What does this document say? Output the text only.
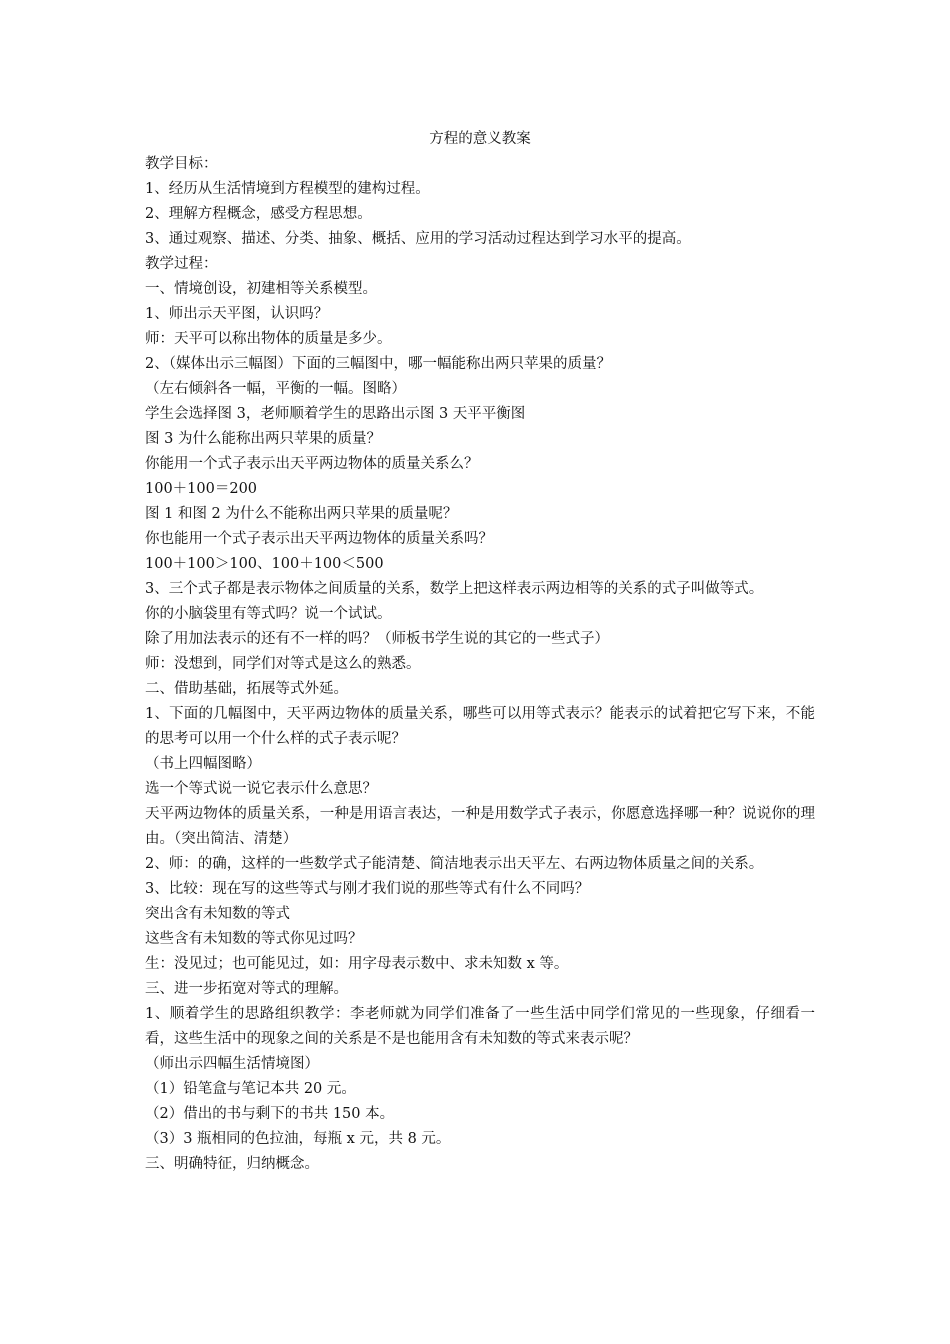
方程的意义教案

教学目标：

1、经历从生活情境到方程模型的建构过程。

2、理解方程概念，感受方程思想。

3、通过观察、描述、分类、抽象、概括、应用的学习活动过程达到学习水平的提高。

教学过程：

一、情境创设，初建相等关系模型。

1、师出示天平图，认识吗？

师：天平可以称出物体的质量是多少。

2、（媒体出示三幅图）下面的三幅图中，哪一幅能称出两只苹果的质量？

（左右倾斜各一幅，平衡的一幅。图略）

学生会选择图 3，老师顺着学生的思路出示图 3 天平平衡图

图 3 为什么能称出两只苹果的质量？

你能用一个式子表示出天平两边物体的质量关系么？

100＋100＝200

图 1 和图 2 为什么不能称出两只苹果的质量呢？

你也能用一个式子表示出天平两边物体的质量关系吗？

100＋100＞100、100＋100＜500

3、三个式子都是表示物体之间质量的关系，数学上把这样表示两边相等的关系的式子叫做等式。

你的小脑袋里有等式吗？说一个试试。

除了用加法表示的还有不一样的吗？（师板书学生说的其它的一些式子）

师：没想到，同学们对等式是这么的熟悉。

二、借助基础，拓展等式外延。

1、下面的几幅图中，天平两边物体的质量关系，哪些可以用等式表示？能表示的试着把它写下来，不能的思考可以用一个什么样的式子表示呢？

（书上四幅图略）

选一个等式说一说它表示什么意思？

天平两边物体的质量关系，一种是用语言表达，一种是用数学式子表示，你愿意选择哪一种？说说你的理由。（突出简洁、清楚）

2、师：的确，这样的一些数学式子能清楚、简洁地表示出天平左、右两边物体质量之间的关系。

3、比较：现在写的这些等式与刚才我们说的那些等式有什么不同吗？

突出含有未知数的等式

这些含有未知数的等式你见过吗？

生：没见过；也可能见过，如：用字母表示数中、求未知数 x 等。

三、进一步拓宽对等式的理解。

1、顺着学生的思路组织教学：李老师就为同学们准备了一些生活中同学们常见的一些现象，仔细看一看，这些生活中的现象之间的关系是不是也能用含有未知数的等式来表示呢？

（师出示四幅生活情境图）

（1）铅笔盒与笔记本共 20 元。

（2）借出的书与剩下的书共 150 本。

（3）3 瓶相同的色拉油，每瓶 x 元，共 8 元。

三、明确特征，归纳概念。
